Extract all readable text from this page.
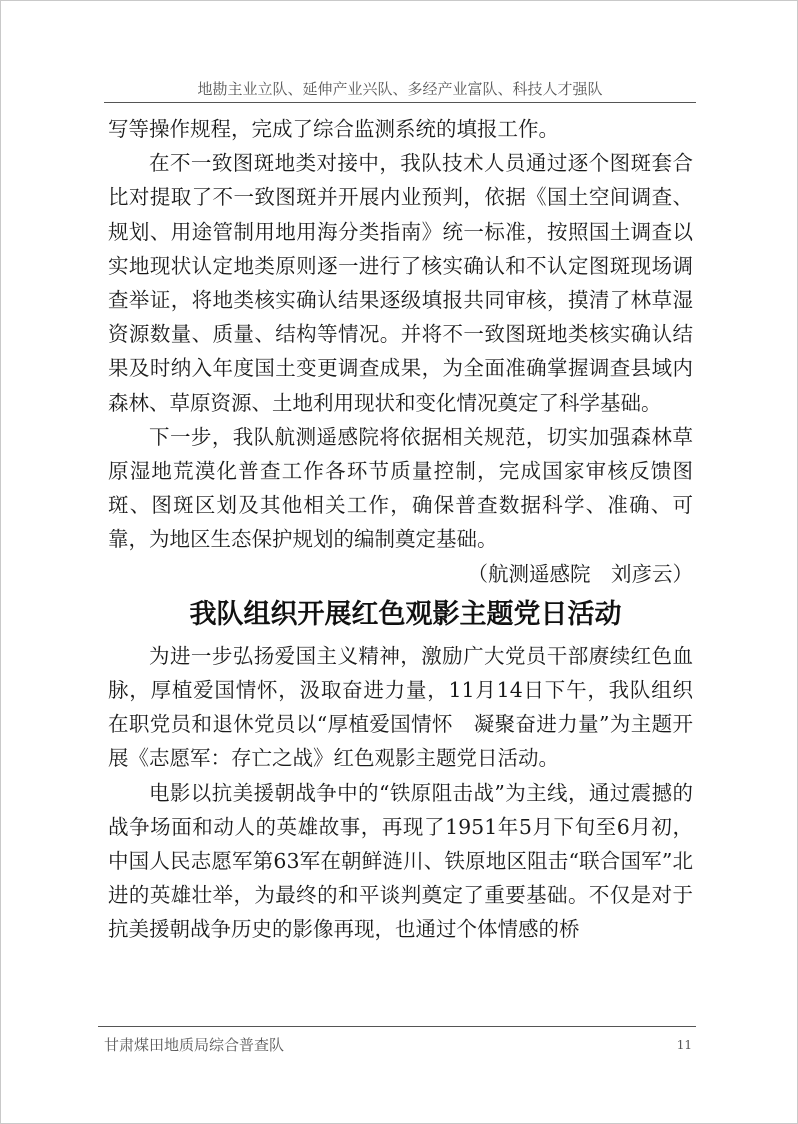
地勘主业立队、延伸产业兴队、多经产业富队、科技人才强队

写等操作规程，完成了综合监测系统的填报工作。

在不一致图斑地类对接中，我队技术人员通过逐个图斑套合比对提取了不一致图斑并开展内业预判，依据《国土空间调查、规划、用途管制用地用海分类指南》统一标准，按照国土调查以实地现状认定地类原则逐一进行了核实确认和不认定图斑现场调查举证，将地类核实确认结果逐级填报共同审核，摸清了林草湿资源数量、质量、结构等情况。并将不一致图斑地类核实确认结果及时纳入年度国土变更调查成果，为全面准确掌握调查县域内森林、草原资源、土地利用现状和变化情况奠定了科学基础。

下一步，我队航测遥感院将依据相关规范，切实加强森林草原湿地荒漠化普查工作各环节质量控制，完成国家审核反馈图斑、图斑区划及其他相关工作，确保普查数据科学、准确、可靠，为地区生态保护规划的编制奠定基础。

（航测遥感院　刘彦云）

我队组织开展红色观影主题党日活动

为进一步弘扬爱国主义精神，激励广大党员干部赓续红色血脉，厚植爱国情怀，汲取奋进力量，11月14日下午，我队组织在职党员和退休党员以“厚植爱国情怀　凝聚奋进力量”为主题开展《志愿军：存亡之战》红色观影主题党日活动。

电影以抗美援朝战争中的“铁原阻击战”为主线，通过震撼的战争场面和动人的英雄故事，再现了1951年5月下旬至6月初，中国人民志愿军第63军在朝鲜涟川、铁原地区阻击“联合国军”北进的英雄壮举，为最终的和平谈判奠定了重要基础。不仅是对于抗美援朝战争历史的影像再现，也通过个体情感的桥

甘肃煤田地质局综合普查队	11
